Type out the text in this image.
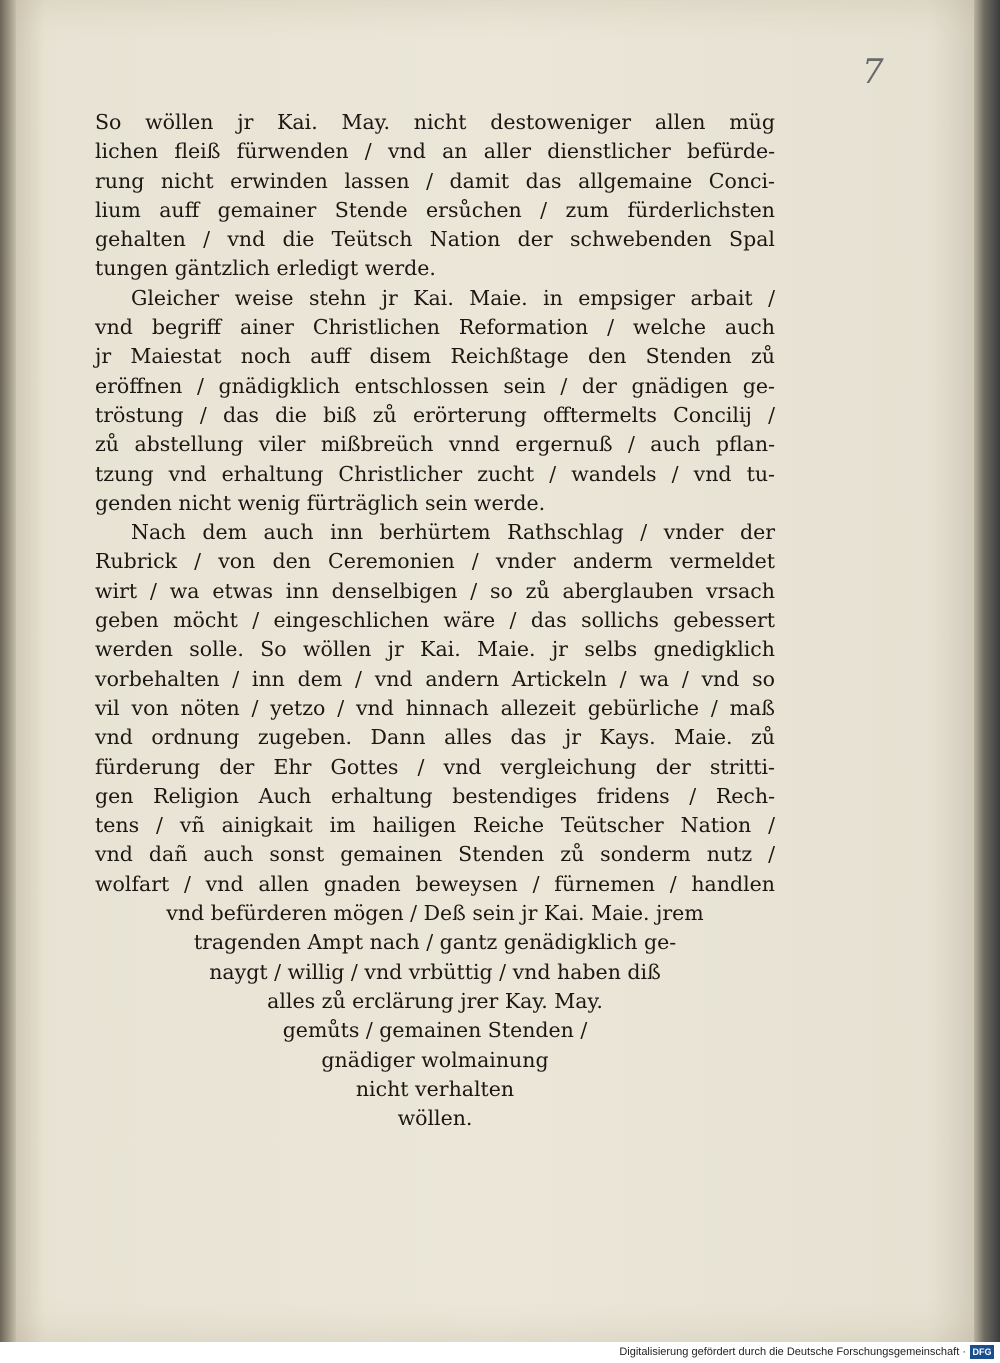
7
So wöllen jr Kai. May. nicht destoweniger allen müg
lichen fleiß fürwenden / vnd an aller dienstlicher befürde-
rung nicht erwinden lassen / damit das allgemaine Conci-
lium auff gemainer Stende ersůchen / zum fürderlichsten
gehalten / vnd die Teütsch Nation der schwebenden Spal
tungen gäntzlich erledigt werde.
Gleicher weise stehn jr Kai. Maie. in empsiger arbait /
vnd begriff ainer Christlichen Reformation / welche auch
jr Maiestat noch auff disem Reichßtage den Stenden zů
eröffnen / gnädigklich entschlossen sein / der gnädigen ge-
tröstung / das die biß zů erörterung offtermelts Concilij /
zů abstellung viler mißbreüch vnnd ergernuß / auch pflan-
tzung vnd erhaltung Christlicher zucht / wandels / vnd tu-
genden nicht wenig fürträglich sein werde.
Nach dem auch inn berhürtem Rathschlag / vnder der
Rubrick / von den Ceremonien / vnder anderm vermeldet
wirt / wa etwas inn denselbigen / so zů aberglauben vrsach
geben möcht / eingeschlichen wäre / das sollichs gebessert
werden solle. So wöllen jr Kai. Maie. jr selbs gnedigklich
vorbehalten / inn dem / vnd andern Artickeln / wa / vnd so
vil von nöten / yetzo / vnd hinnach allezeit gebürliche / maß
vnd ordnung zugeben. Dann alles das jr Kays. Maie. zů
fürderung der Ehr Gottes / vnd vergleichung der stritti-
gen Religion Auch erhaltung bestendiges fridens / Rech-
tens / vñ ainigkait im hailigen Reiche Teütscher Nation /
vnd dañ auch sonst gemainen Stenden zů sonderm nutz /
wolfart / vnd allen gnaden beweysen / fürnemen / handlen
vnd befürderen mögen / Deß sein jr Kai. Maie. jrem
tragenden Ampt nach / gantz genädigklich ge-
naygt / willig / vnd vrbüttig / vnd haben diß
alles zů erclärung jrer Kay. May.
gemůts / gemainen Stenden /
gnädiger wolmainung
nicht verhalten
wöllen.
Digitalisierung gefördert durch die Deutsche Forschungsgemeinschaft · DFG
